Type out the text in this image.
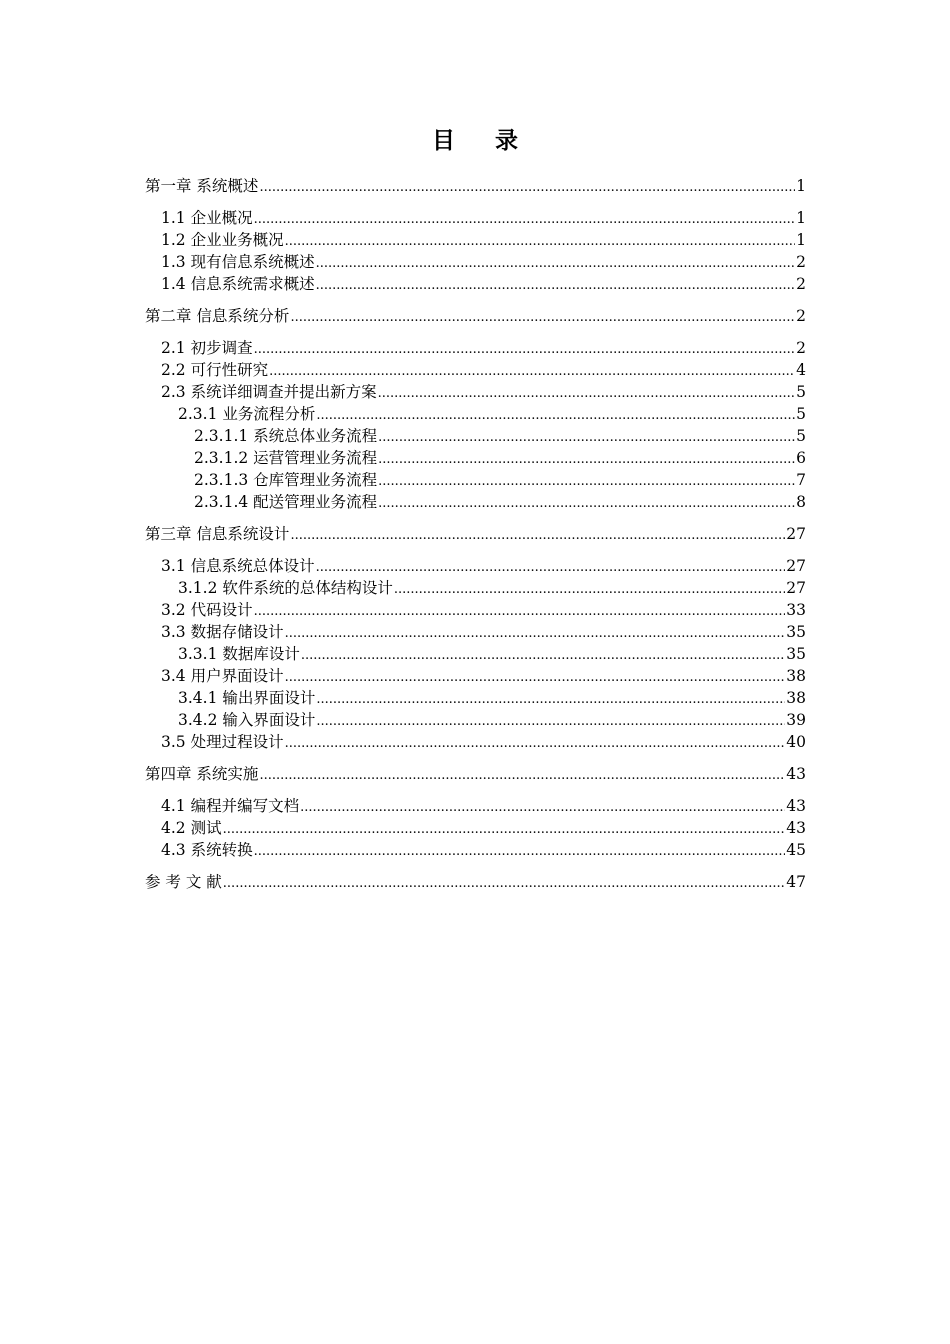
目 录
第一章 系统概述 .....	1
1.1 企业概况 .....	1
1.2 企业业务概况 .....	1
1.3 现有信息系统概述 .....	2
1.4 信息系统需求概述 .....	2
第二章 信息系统分析 .....	2
2.1 初步调查 .....	2
2.2 可行性研究 .....	4
2.3 系统详细调查并提出新方案 .....	5
2.3.1 业务流程分析 .....	5
2.3.1.1 系统总体业务流程 .....	5
2.3.1.2 运营管理业务流程 .....	6
2.3.1.3 仓库管理业务流程 .....	7
2.3.1.4 配送管理业务流程 .....	8
第三章 信息系统设计 .....	27
3.1 信息系统总体设计 .....	27
3.1.2 软件系统的总体结构设计 .....	27
3.2 代码设计 .....	33
3.3 数据存储设计 .....	35
3.3.1 数据库设计 .....	35
3.4 用户界面设计 .....	38
3.4.1 输出界面设计 .....	38
3.4.2 输入界面设计 .....	39
3.5 处理过程设计 .....	40
第四章 系统实施 .....	43
4.1 编程并编写文档 .....	43
4.2 测试 .....	43
4.3 系统转换 .....	45
参 考 文 献 .....	47
